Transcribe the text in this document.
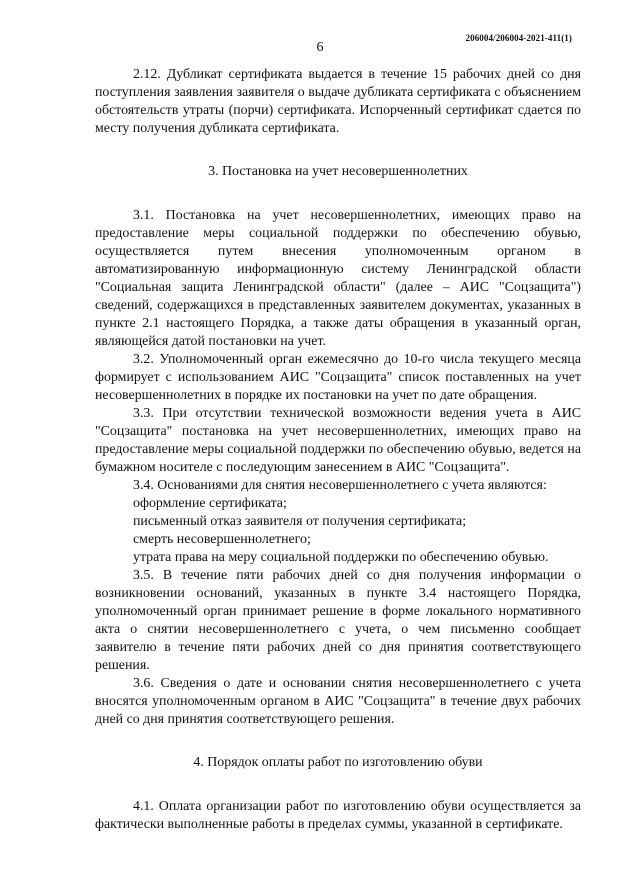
206004/206004-2021-411(1)
6

2.12. Дубликат сертификата выдается в течение 15 рабочих дней со дня поступления заявления заявителя о выдаче дубликата сертификата с объяснением обстоятельств утраты (порчи) сертификата. Испорченный сертификат сдается по месту получения дубликата сертификата.

3. Постановка на учет несовершеннолетних

3.1. Постановка на учет несовершеннолетних, имеющих право на предоставление меры социальной поддержки по обеспечению обувью, осуществляется путем внесения уполномоченным органом в автоматизированную информационную систему Ленинградской области "Социальная защита Ленинградской области" (далее – АИС "Соцзащита") сведений, содержащихся в представленных заявителем документах, указанных в пункте 2.1 настоящего Порядка, а также даты обращения в указанный орган, являющейся датой постановки на учет.

3.2. Уполномоченный орган ежемесячно до 10-го числа текущего месяца формирует с использованием АИС "Соцзащита" список поставленных на учет несовершеннолетних в порядке их постановки на учет по дате обращения.

3.3. При отсутствии технической возможности ведения учета в АИС "Соцзащита" постановка на учет несовершеннолетних, имеющих право на предоставление меры социальной поддержки по обеспечению обувью, ведется на бумажном носителе с последующим занесением в АИС "Соцзащита".

3.4. Основаниями для снятия несовершеннолетнего с учета являются:

оформление сертификата;

письменный отказ заявителя от получения сертификата;

смерть несовершеннолетнего;

утрата права на меру социальной поддержки по обеспечению обувью.

3.5. В течение пяти рабочих дней со дня получения информации о возникновении оснований, указанных в пункте 3.4 настоящего Порядка, уполномоченный орган принимает решение в форме локального нормативного акта о снятии несовершеннолетнего с учета, о чем письменно сообщает заявителю в течение пяти рабочих дней со дня принятия соответствующего решения.

3.6. Сведения о дате и основании снятия несовершеннолетнего с учета вносятся уполномоченным органом в АИС "Соцзащита" в течение двух рабочих дней со дня принятия соответствующего решения.

4. Порядок оплаты работ по изготовлению обуви

4.1. Оплата организации работ по изготовлению обуви осуществляется за фактически выполненные работы в пределах суммы, указанной в сертификате.
